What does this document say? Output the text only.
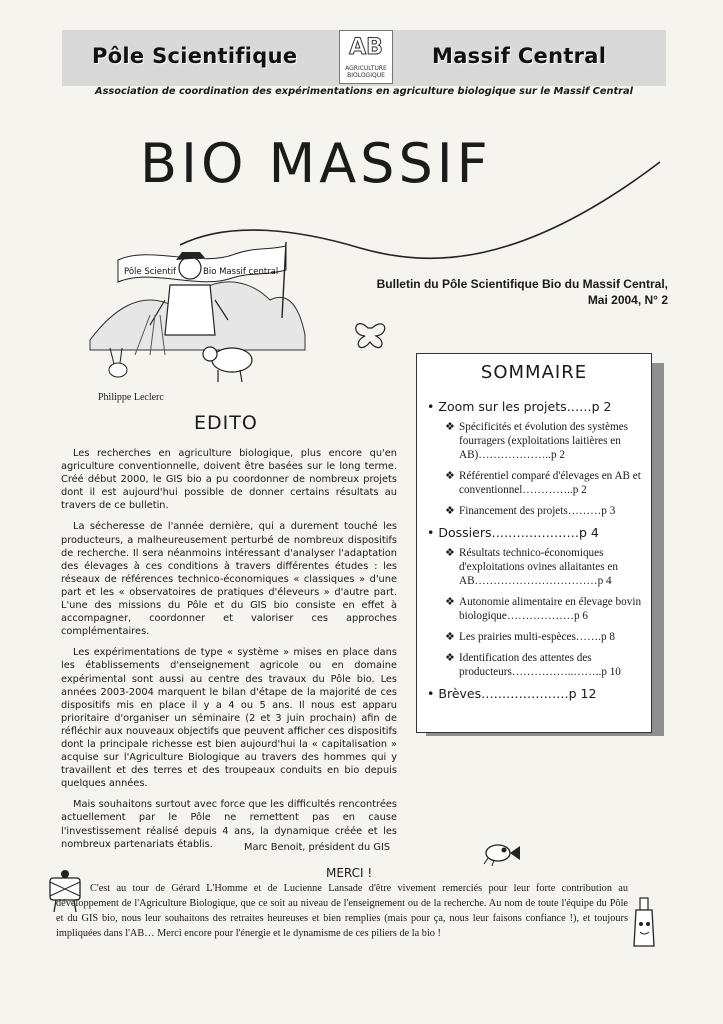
Pôle Scientifique	Massif Central
AB
AGRICULTURE BIOLOGIQUE
Association de coordination des expérimentations en agriculture biologique sur le Massif Central
BIO MASSIF
Pôle Scientif	Bio Massif central
Bulletin du Pôle Scientifique Bio du Massif Central,
Mai 2004, N° 2
Philippe Leclerc
EDITO

Les recherches en agriculture biologique, plus encore qu'en agriculture conventionnelle, doivent être basées sur le long terme. Créé début 2000, le GIS bio a pu coordonner de nombreux projets dont il est aujourd'hui possible de donner certains résultats au travers de ce bulletin.

La sécheresse de l'année dernière, qui a durement touché les producteurs, a malheureusement perturbé de nombreux dispositifs de recherche. Il sera néanmoins intéressant d'analyser l'adaptation des élevages à ces conditions à travers différentes études : les réseaux de références technico-économiques « classiques » d'une part et les « observatoires de pratiques d'éleveurs » d'autre part. L'une des missions du Pôle et du GIS bio consiste en effet à accompagner, coordonner et valoriser ces approches complémentaires.

Les expérimentations de type « système » mises en place dans les établissements d'enseignement agricole ou en domaine expérimental sont aussi au centre des travaux du Pôle bio. Les années 2003-2004 marquent le bilan d'étape de la majorité de ces dispositifs mis en place il y a 4 ou 5 ans. Il nous est apparu prioritaire d'organiser un séminaire (2 et 3 juin prochain) afin de réfléchir aux nouveaux objectifs que peuvent afficher ces dispositifs dont la principale richesse est bien aujourd'hui la « capitalisation » acquise sur l'Agriculture Biologique au travers des hommes qui y travaillent et des terres et des troupeaux conduits en bio depuis quelques années.

Mais souhaitons surtout avec force que les difficultés rencontrées actuellement par le Pôle ne remettent pas en cause l'investissement réalisé depuis 4 ans, la dynamique créée et les nombreux partenariats établis.	Marc Benoit, président du GIS
SOMMAIRE
• Zoom sur les projets……p 2
❖ Spécificités et évolution des systèmes fourragers (exploitations laitières en AB)………………..p 2
❖ Référentiel comparé d'élevages en AB et conventionnel…………..p 2
❖ Financement des projets………p 3
• Dossiers…………………p 4
❖ Résultats technico-économiques d'exploitations ovines allaitantes en AB……………………………p 4
❖ Autonomie alimentaire en élevage bovin biologique………………p 6
❖ Les prairies multi-espèces…….p 8
❖ Identification des attentes des producteurs……………..……..p 10
• Brèves…………………p 12
MERCI !
C'est au tour de Gérard L'Homme et de Lucienne Lansade d'être vivement remerciés pour leur forte contribution au développement de l'Agriculture Biologique, que ce soit au niveau de l'enseignement ou de la recherche. Au nom de toute l'équipe du Pôle et du GIS bio, nous leur souhaitons des retraites heureuses et bien remplies (mais pour ça, nous leur faisons confiance !), et toujours impliquées dans l'AB… Merci encore pour l'énergie et le dynamisme de ces piliers de la bio !
